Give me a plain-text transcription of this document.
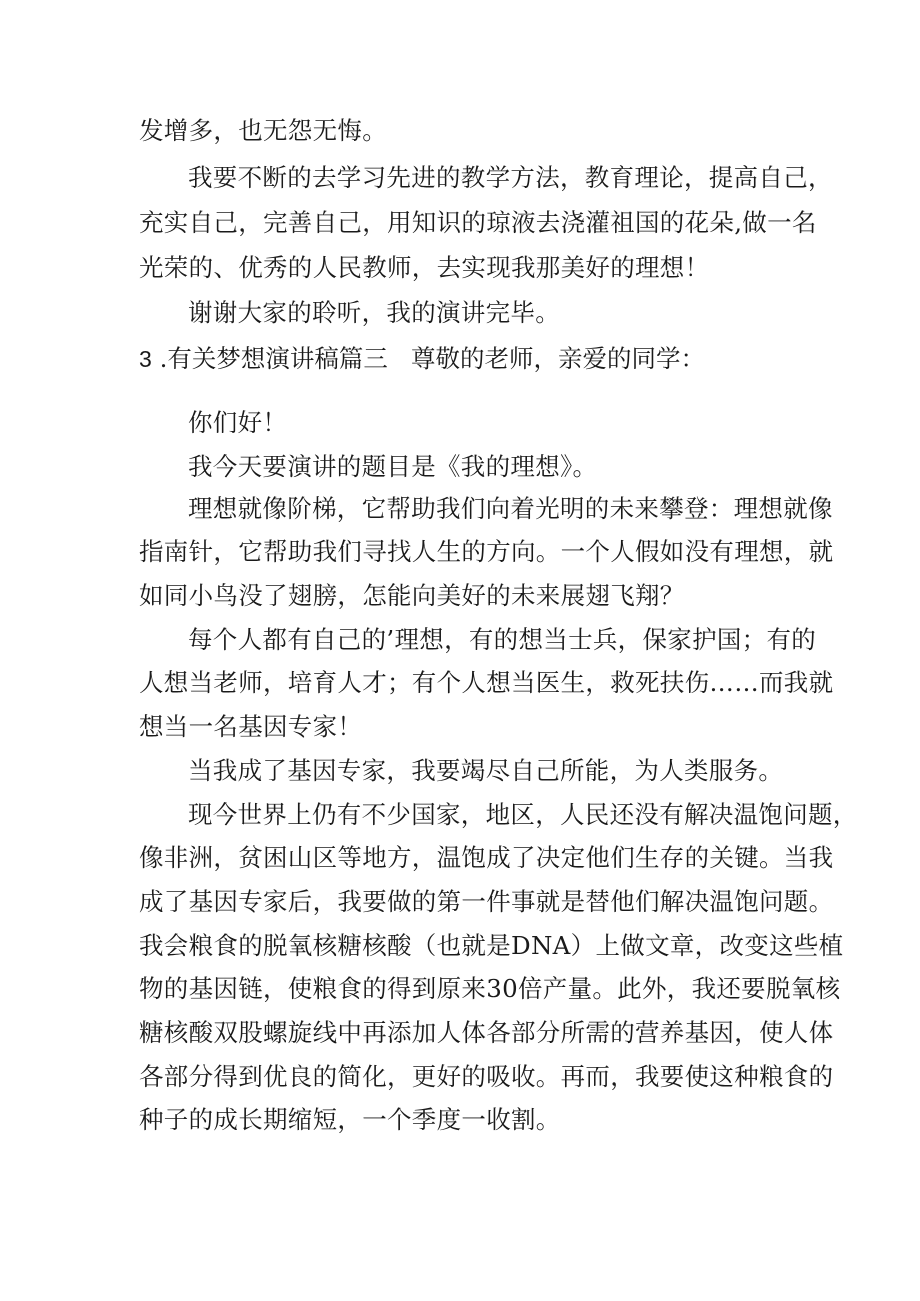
发增多，也无怨无悔。
我要不断的去学习先进的教学方法，教育理论，提高自己，
充实自己，完善自己，用知识的琼液去浇灌祖国的花朵,做一名
光荣的、优秀的人民教师，去实现我那美好的理想！
谢谢大家的聆听，我的演讲完毕。
3 .有关梦想演讲稿篇三 尊敬的老师，亲爱的同学：
你们好！
我今天要演讲的题目是《我的理想》。
理想就像阶梯，它帮助我们向着光明的未来攀登：理想就像
指南针，它帮助我们寻找人生的方向。一个人假如没有理想，就
如同小鸟没了翅膀，怎能向美好的未来展翅飞翔？
每个人都有自己的’理想，有的想当士兵，保家护国；有的
人想当老师，培育人才；有个人想当医生，救死扶伤……而我就
想当一名基因专家！
当我成了基因专家，我要竭尽自己所能，为人类服务。
现今世界上仍有不少国家，地区，人民还没有解决温饱问题，
像非洲，贫困山区等地方，温饱成了决定他们生存的关键。当我
成了基因专家后，我要做的第一件事就是替他们解决温饱问题。
我会粮食的脱氧核糖核酸（也就是DNA）上做文章，改变这些植
物的基因链，使粮食的得到原来30倍产量。此外，我还要脱氧核
糖核酸双股螺旋线中再添加人体各部分所需的营养基因，使人体
各部分得到优良的简化，更好的吸收。再而，我要使这种粮食的
种子的成长期缩短，一个季度一收割。
